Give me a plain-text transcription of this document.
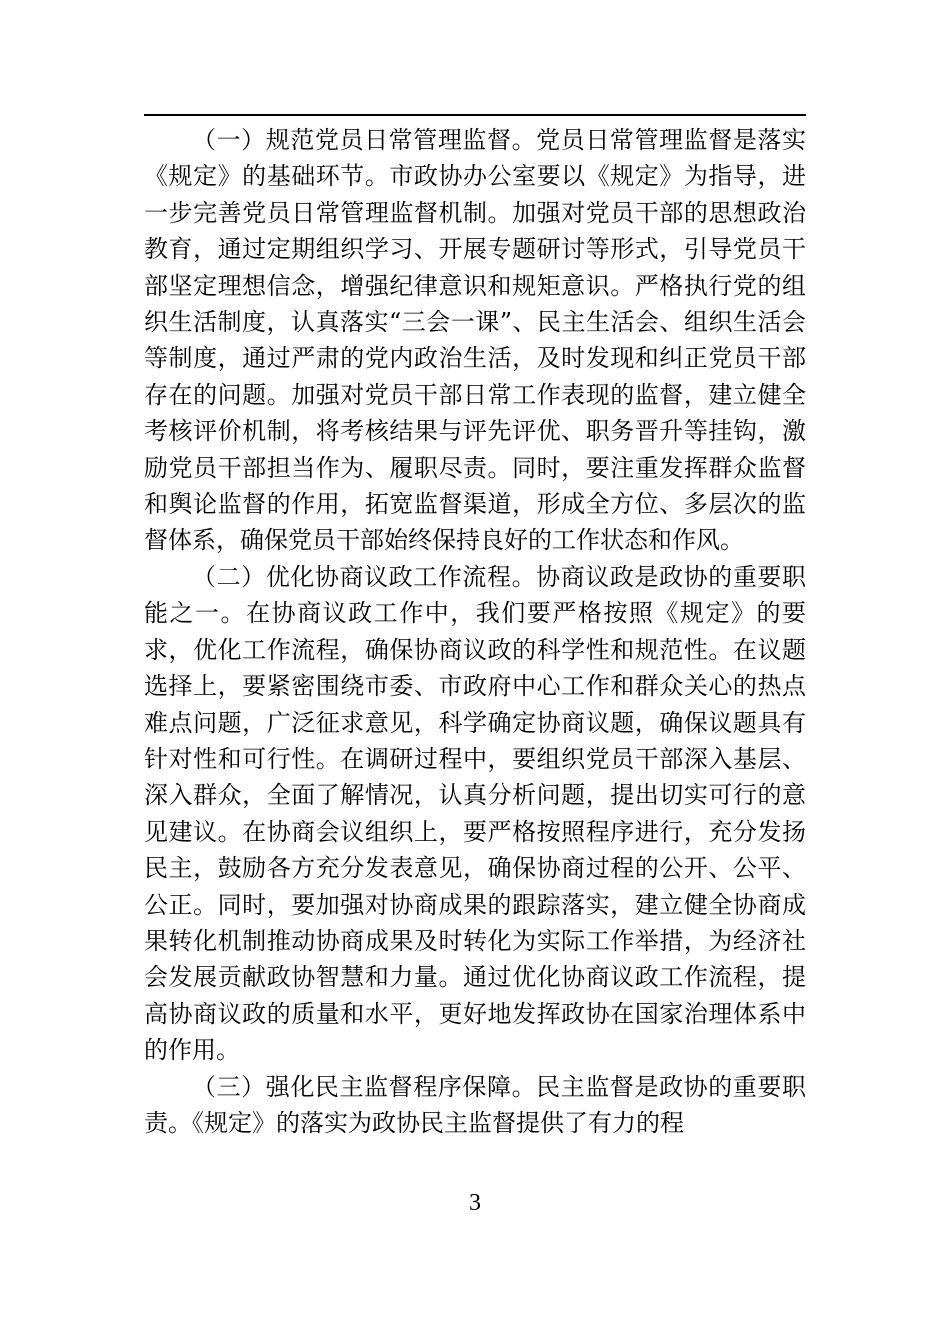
（一）规范党员日常管理监督。党员日常管理监督是落实《规定》的基础环节。市政协办公室要以《规定》为指导，进一步完善党员日常管理监督机制。加强对党员干部的思想政治教育，通过定期组织学习、开展专题研讨等形式，引导党员干部坚定理想信念，增强纪律意识和规矩意识。严格执行党的组织生活制度，认真落实“三会一课”、民主生活会、组织生活会等制度，通过严肃的党内政治生活，及时发现和纠正党员干部存在的问题。加强对党员干部日常工作表现的监督，建立健全考核评价机制，将考核结果与评先评优、职务晋升等挂钩，激励党员干部担当作为、履职尽责。同时，要注重发挥群众监督和舆论监督的作用，拓宽监督渠道，形成全方位、多层次的监督体系，确保党员干部始终保持良好的工作状态和作风。

（二）优化协商议政工作流程。协商议政是政协的重要职能之一。在协商议政工作中，我们要严格按照《规定》的要求，优化工作流程，确保协商议政的科学性和规范性。在议题选择上，要紧密围绕市委、市政府中心工作和群众关心的热点难点问题，广泛征求意见，科学确定协商议题，确保议题具有针对性和可行性。在调研过程中，要组织党员干部深入基层、深入群众，全面了解情况，认真分析问题，提出切实可行的意见建议。在协商会议组织上，要严格按照程序进行，充分发扬民主，鼓励各方充分发表意见，确保协商过程的公开、公平、公正。同时，要加强对协商成果的跟踪落实，建立健全协商成果转化机制推动协商成果及时转化为实际工作举措，为经济社会发展贡献政协智慧和力量。通过优化协商议政工作流程，提高协商议政的质量和水平，更好地发挥政协在国家治理体系中的作用。

（三）强化民主监督程序保障。民主监督是政协的重要职责。《规定》的落实为政协民主监督提供了有力的程

3
